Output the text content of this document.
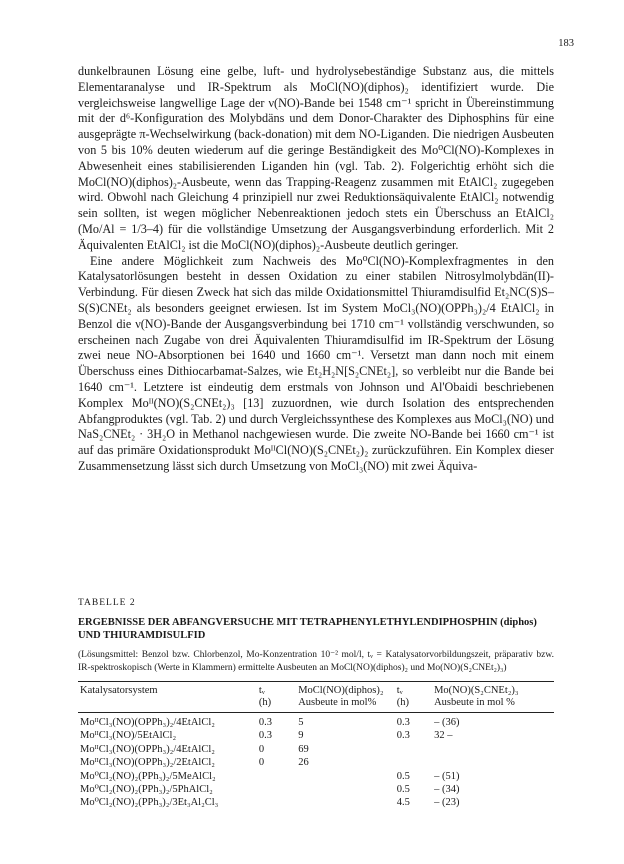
183

dunkelbraunen Lösung eine gelbe, luft- und hydrolysebeständige Substanz aus, die mittels Elementaranalyse und IR-Spektrum als MoCl(NO)(diphos)₂ identifiziert wurde. Die vergleichsweise langwellige Lage der ν(NO)-Bande bei 1548 cm⁻¹ spricht in Übereinstimmung mit der d⁶-Konfiguration des Molybdäns und dem Donor-Charakter des Diphosphins für eine ausgeprägte π-Wechselwirkung (back-donation) mit dem NO-Liganden. Die niedrigen Ausbeuten von 5 bis 10% deuten wiederum auf die geringe Beständigkeit des Mo⁰Cl(NO)-Komplexes in Abwesenheit eines stabilisierenden Liganden hin (vgl. Tab. 2). Folgerichtig erhöht sich die MoCl(NO)(diphos)₂-Ausbeute, wenn das Trapping-Reagenz zusammen mit EtAlCl₂ zugegeben wird. Obwohl nach Gleichung 4 prinzipiell nur zwei Reduktionsäquivalente EtAlCl₂ notwendig sein sollten, ist wegen möglicher Nebenreaktionen jedoch stets ein Überschuss an EtAlCl₂ (Mo/Al = 1/3–4) für die vollständige Umsetzung der Ausgangsverbindung erforderlich. Mit 2 Äquivalenten EtAlCl₂ ist die MoCl(NO)(diphos)₂-Ausbeute deutlich geringer.

Eine andere Möglichkeit zum Nachweis des Mo⁰Cl(NO)-Komplexfragmentes in den Katalysatorlösungen besteht in dessen Oxidation zu einer stabilen Nitrosylmolybdän(II)-Verbindung. Für diesen Zweck hat sich das milde Oxidationsmittel Thiuramdisulfid Et₂NC(S)S–S(S)CNEt₂ als besonders geeignet erwiesen. Ist im System MoCl₃(NO)(OPPh₃)₂/4 EtAlCl₂ in Benzol die ν(NO)-Bande der Ausgangsverbindung bei 1710 cm⁻¹ vollständig verschwunden, so erscheinen nach Zugabe von drei Äquivalenten Thiuramdisulfid im IR-Spektrum der Lösung zwei neue NO-Absorptionen bei 1640 und 1660 cm⁻¹. Versetzt man dann noch mit einem Überschuss eines Dithiocarbamat-Salzes, wie Et₂H₂N[S₂CNEt₂], so verbleibt nur die Bande bei 1640 cm⁻¹. Letztere ist eindeutig dem erstmals von Johnson und Al'Obaidi beschriebenen Komplex Moᴵᴵ(NO)(S₂CNEt₂)₃ [13] zuzuordnen, wie durch Isolation des entsprechenden Abfangproduktes (vgl. Tab. 2) und durch Vergleichssynthese des Komplexes aus MoCl₃(NO) und NaS₂CNEt₂ · 3H₂O in Methanol nachgewiesen wurde. Die zweite NO-Bande bei 1660 cm⁻¹ ist auf das primäre Oxidationsprodukt MoᴵᴵCl(NO)(S₂CNEt₂)₂ zurückzuführen. Ein Komplex dieser Zusammensetzung lässt sich durch Umsetzung von MoCl₃(NO) mit zwei Äquiva-

TABELLE 2
ERGEBNISSE DER ABFANGVERSUCHE MIT TETRAPHENYLETHYLENDIPHOSPHIN (diphos) UND THIURAMDISULFID
(Lösungsmittel: Benzol bzw. Chlorbenzol, Mo-Konzentration 10⁻² mol/l, tᵥ = Katalysatorvorbildungszeit, präparativ bzw. IR-spektroskopisch (Werte in Klammern) ermittelte Ausbeuten an MoCl(NO)(diphos)₂ und Mo(NO)(S₂CNEt₂)₃)
Katalysatorsystem	tᵥ	MoCl(NO)(diphos)₂	tᵥ	Mo(NO)(S₂CNEt₂)₃
	(h)	Ausbeute in mol%	(h)	Ausbeute in mol %
MoᴵᴵCl₃(NO)(OPPh₃)₂/4EtAlCl₂	0.3	5	0.3	– (36)
MoᴵᴵCl₃(NO)/5EtAlCl₂	0.3	9	0.3	32 –
MoᴵᴵCl₃(NO)(OPPh₃)₂/4EtAlCl₂	0	69		
MoᴵᴵCl₃(NO)(OPPh₃)₂/2EtAlCl₂	0	26		
Mo⁰Cl₂(NO)₂(PPh₃)₂/5MeAlCl₂			0.5	– (51)
Mo⁰Cl₂(NO)₂(PPh₃)₂/5PhAlCl₂			0.5	– (34)
Mo⁰Cl₂(NO)₂(PPh₃)₂/3Et₃Al₂Cl₃			4.5	– (23)
